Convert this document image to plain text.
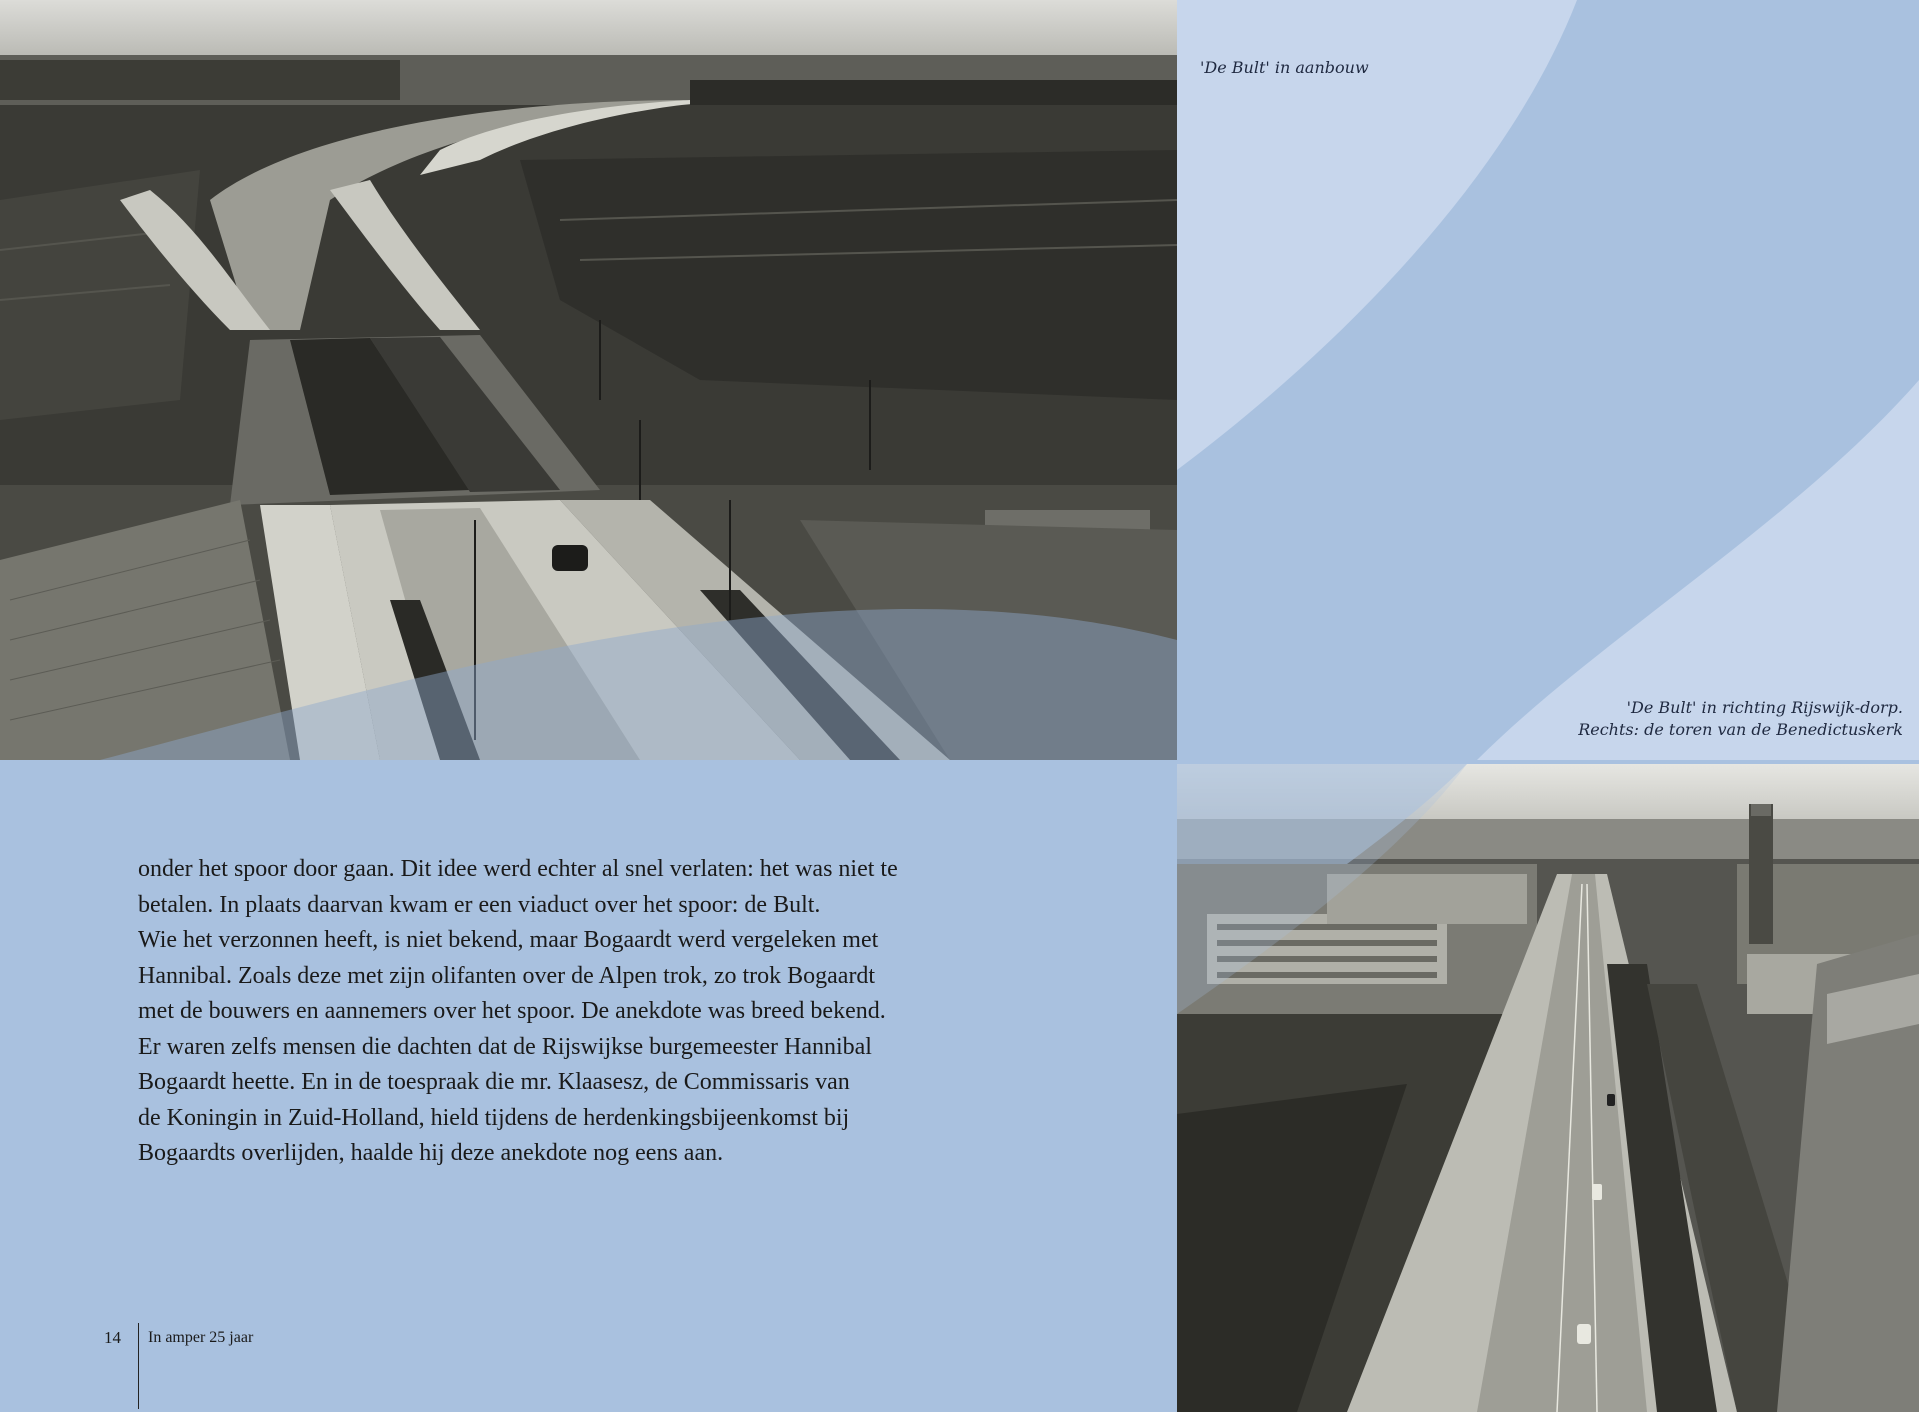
'De Bult' in aanbouw
'De Bult' in richting Rijswijk-dorp.
Rechts: de toren van de Benedictuskerk

onder het spoor door gaan. Dit idee werd echter al snel verlaten: het was niet te

betalen. In plaats daarvan kwam er een viaduct over het spoor: de Bult.

Wie het verzonnen heeft, is niet bekend, maar Bogaardt werd vergeleken met

Hannibal. Zoals deze met zijn olifanten over de Alpen trok, zo trok Bogaardt

met de bouwers en aannemers over het spoor. De anekdote was breed bekend.

Er waren zelfs mensen die dachten dat de Rijswijkse burgemeester Hannibal

Bogaardt heette. En in de toespraak die mr. Klaasesz, de Commissaris van

de Koningin in Zuid-Holland, hield tijdens de herdenkingsbijeenkomst bij

Bogaardts overlijden, haalde hij deze anekdote nog eens aan.

14 In amper 25 jaar
